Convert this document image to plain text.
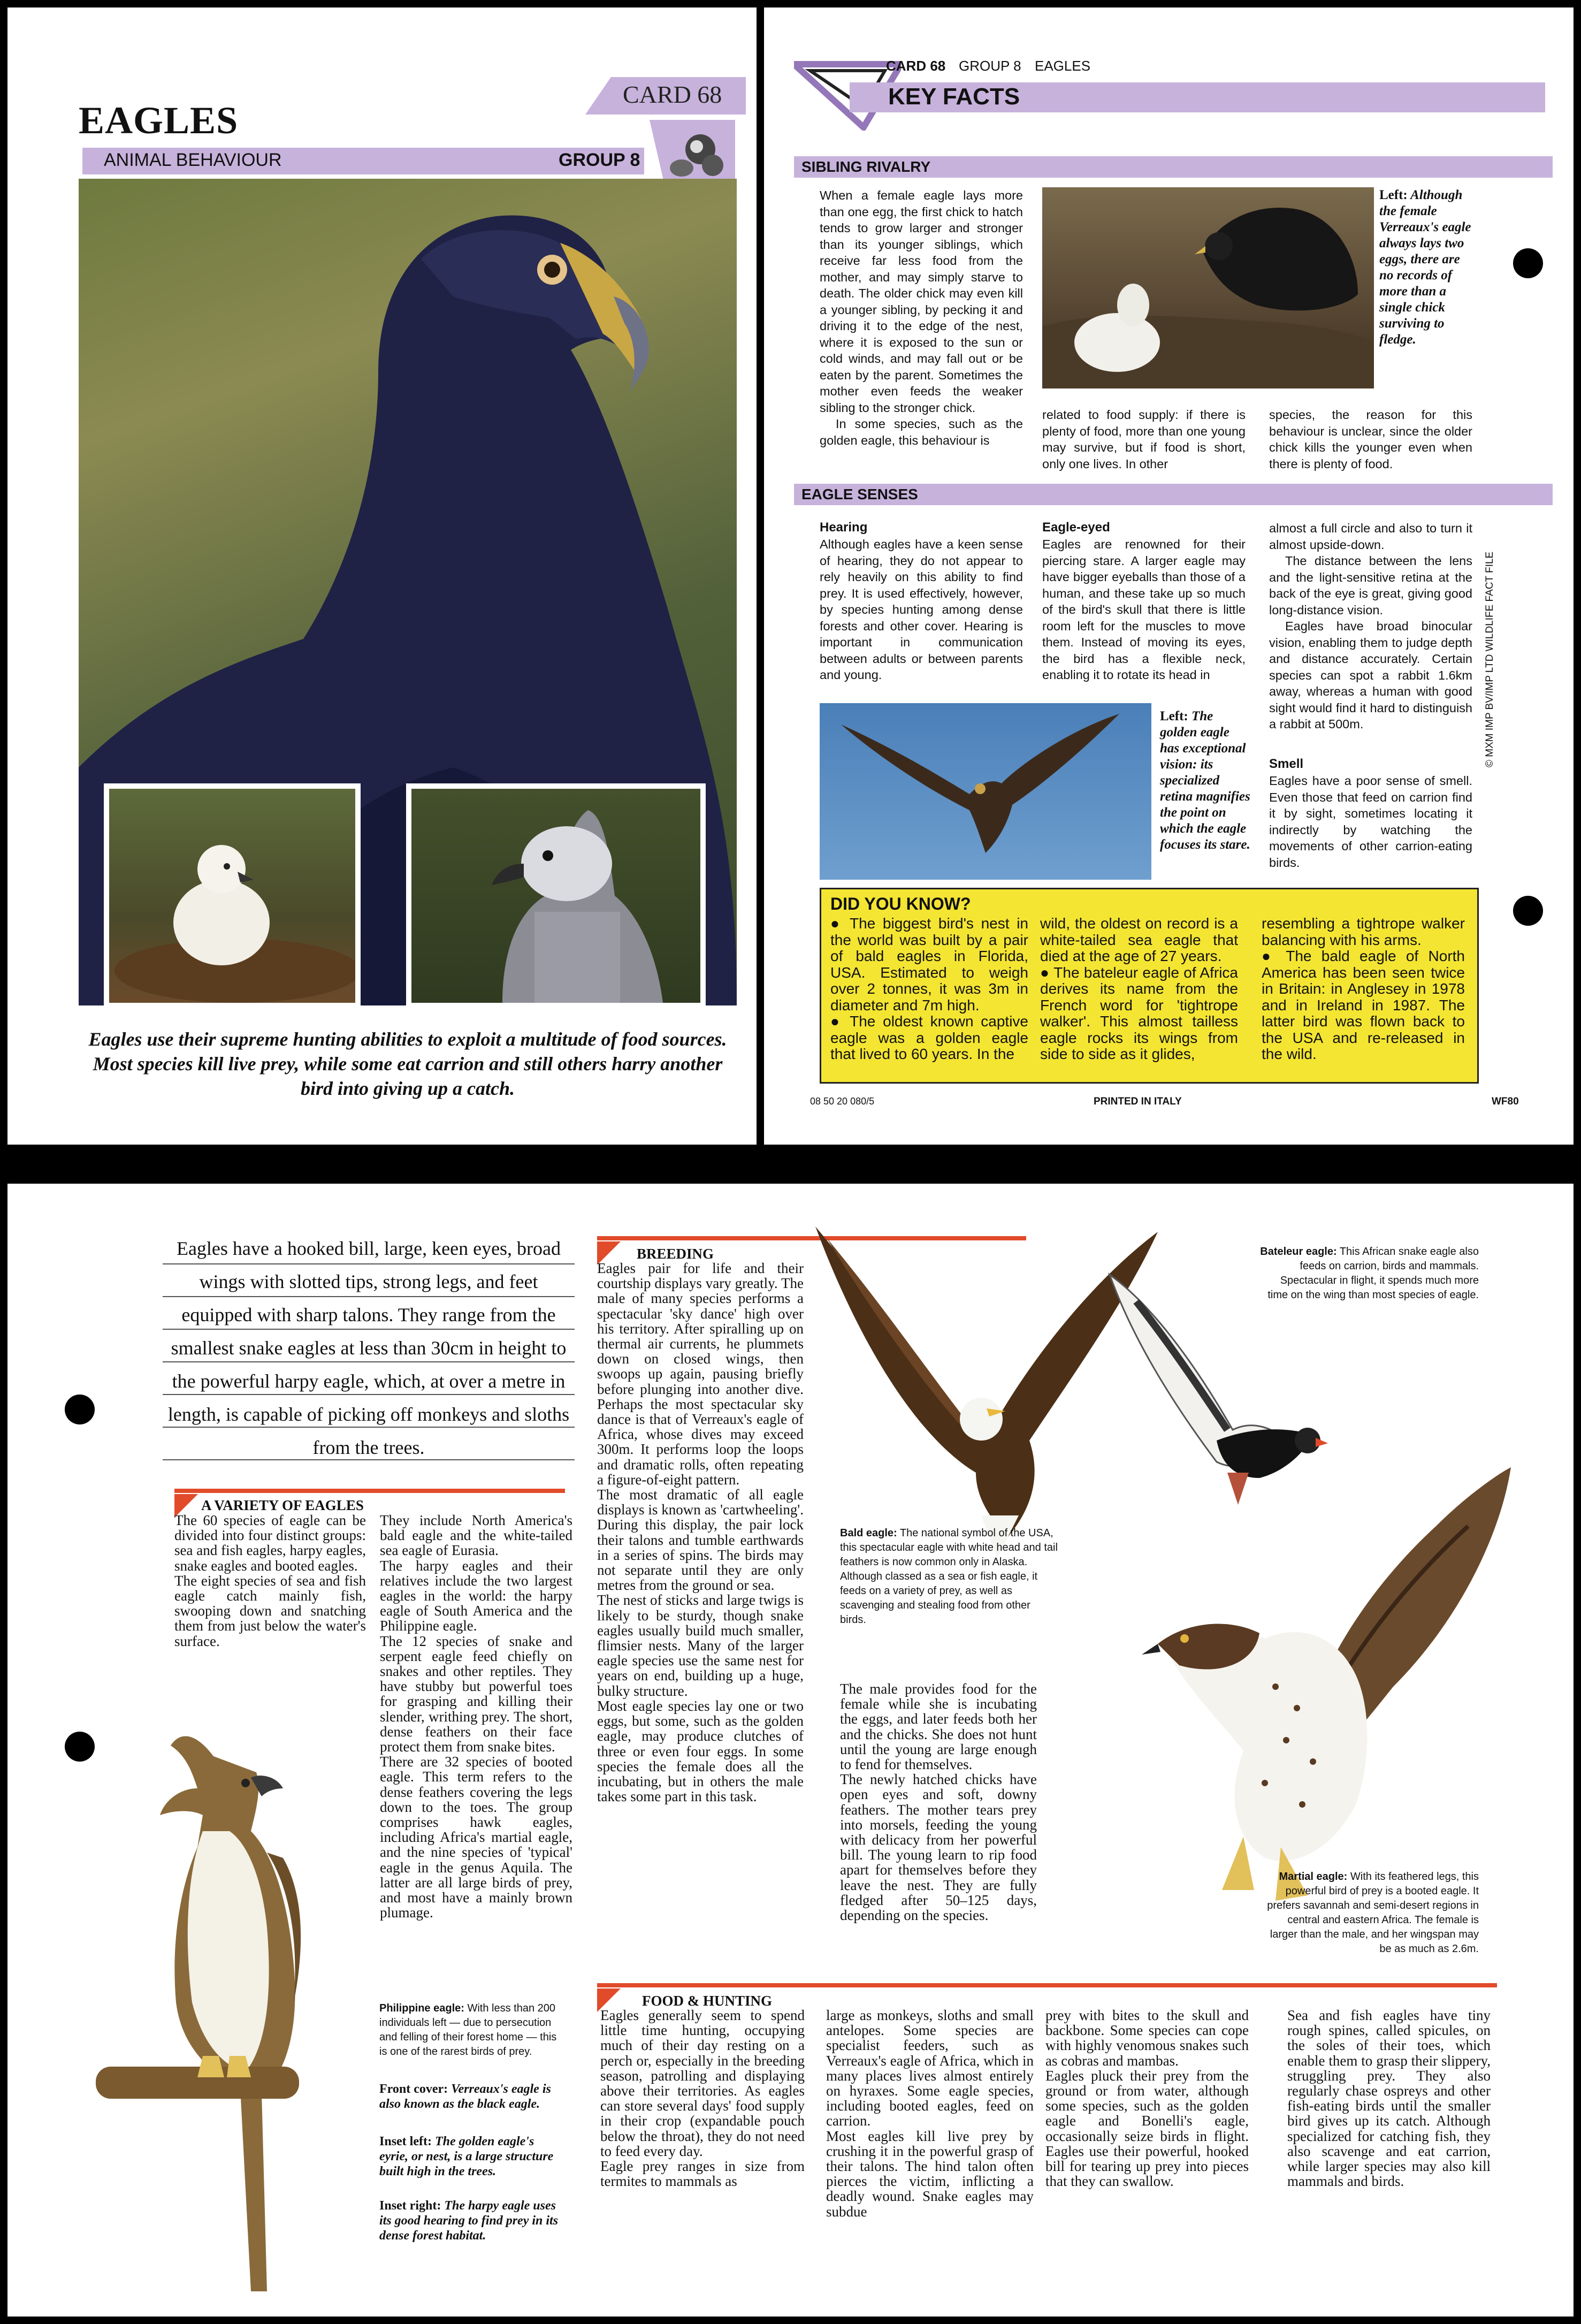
EAGLES
CARD 68
ANIMAL BEHAVIOUR	GROUP 8
Eagles use their supreme hunting abilities to exploit a multitude of food sources. Most species kill live prey, while some eat carrion and still others harry another bird into giving up a catch.
CARD 68 GROUP 8 EAGLES
KEY FACTS
SIBLING RIVALRY

When a female eagle lays more than one egg, the first chick to hatch tends to grow larger and stronger than its younger siblings, which receive far less food from the mother, and may simply starve to death. The older chick may even kill a younger sibling, by pecking it and driving it to the edge of the nest, where it is exposed to the sun or cold winds, and may fall out or be eaten by the parent. Sometimes the mother even feeds the weaker sibling to the stronger chick.

In some species, such as the golden eagle, this behaviour is

Left: Although the female Verreaux's eagle always lays two eggs, there are no records of more than a single chick surviving to fledge.
related to food supply: if there is plenty of food, more than one young may survive, but if food is short, only one lives. In other
species, the reason for this behaviour is unclear, since the older chick kills the younger even when there is plenty of food.
EAGLE SENSES
Hearing
Although eagles have a keen sense of hearing, they do not appear to rely heavily on this ability to find prey. It is used effectively, however, by species hunting among dense forests and other cover. Hearing is important in communication between adults or between parents and young.
Eagle-eyed
Eagles are renowned for their piercing stare. A larger eagle may have bigger eyeballs than those of a human, and these take up so much of the bird's skull that there is little room left for the muscles to move them. Instead of moving its eyes, the bird has a flexible neck, enabling it to rotate its head in

almost a full circle and also to turn it almost upside-down.

The distance between the lens and the light-sensitive retina at the back of the eye is great, giving good long-distance vision.

Eagles have broad binocular vision, enabling them to judge depth and distance accurately. Certain species can spot a rabbit 1.6km away, whereas a human with good sight would find it hard to distinguish a rabbit at 500m.

Smell
Eagles have a poor sense of smell. Even those that feed on carrion find it by sight, sometimes locating it indirectly by watching the movements of other carrion-eating birds.
Left: The golden eagle has exceptional vision: its specialized retina magnifies the point on which the eagle focuses its stare.
DID YOU KNOW?
● The biggest bird's nest in the world was built by a pair of bald eagles in Florida, USA. Estimated to weigh over 2 tonnes, it was 3m in diameter and 7m high.
● The oldest known captive eagle was a golden eagle that lived to 60 years. In the
wild, the oldest on record is a white-tailed sea eagle that died at the age of 27 years.
● The bateleur eagle of Africa derives its name from the French word for 'tightrope walker'. This almost tailless eagle rocks its wings from side to side as it glides,
resembling a tightrope walker balancing with his arms.
● The bald eagle of North America has been seen twice in Britain: in Anglesey in 1978 and in Ireland in 1987. The latter bird was flown back to the USA and re-released in the wild.
08 50 20 080/5	PRINTED IN ITALY	WF80
© MXM IMP BV/IMP LTD WILDLIFE FACT FILE
Eagles have a hooked bill, large, keen eyes, broad wings with slotted tips, strong legs, and feet equipped with sharp talons. They range from the smallest snake eagles at less than 30cm in height to the powerful harpy eagle, which, at over a metre in length, is capable of picking off monkeys and sloths from the trees.
A VARIETY OF EAGLES
The 60 species of eagle can be divided into four distinct groups: sea and fish eagles, harpy eagles, snake eagles and booted eagles.
The eight species of sea and fish eagle catch mainly fish, swooping down and snatching them from just below the water's surface.
They include North America's bald eagle and the white-tailed sea eagle of Eurasia.
The harpy eagles and their relatives include the two largest eagles in the world: the harpy eagle of South America and the Philippine eagle.
The 12 species of snake and serpent eagle feed chiefly on snakes and other reptiles. They have stubby but powerful toes for grasping and killing their slender, writhing prey. The short, dense feathers on their face protect them from snake bites.
There are 32 species of booted eagle. This term refers to the dense feathers covering the legs down to the toes. The group comprises hawk eagles, including Africa's martial eagle, and the nine species of 'typical' eagle in the genus Aquila. The latter are all large birds of prey, and most have a mainly brown plumage.
Philippine eagle: With less than 200 individuals left — due to persecution and felling of their forest home — this is one of the rarest birds of prey.
Front cover: Verreaux's eagle is also known as the black eagle.
Inset left: The golden eagle's eyrie, or nest, is a large structure built high in the trees.
Inset right: The harpy eagle uses its good hearing to find prey in its dense forest habitat.
BREEDING
Eagles pair for life and their courtship displays vary greatly. The male of many species performs a spectacular 'sky dance' high over his territory. After spiralling up on thermal air currents, he plummets down on closed wings, then swoops up again, pausing briefly before plunging into another dive. Perhaps the most spectacular sky dance is that of Verreaux's eagle of Africa, whose dives may exceed 300m. It performs loop the loops and dramatic rolls, often repeating a figure-of-eight pattern.
The most dramatic of all eagle displays is known as 'cartwheeling'. During this display, the pair lock their talons and tumble earthwards in a series of spins. The birds may not separate until they are only metres from the ground or sea.
The nest of sticks and large twigs is likely to be sturdy, though snake eagles usually build much smaller, flimsier nests. Many of the larger eagle species use the same nest for years on end, building up a huge, bulky structure.
Most eagle species lay one or two eggs, but some, such as the golden eagle, may produce clutches of three or even four eggs. In some species the female does all the incubating, but in others the male takes some part in this task.
The male provides food for the female while she is incubating the eggs, and later feeds both her and the chicks. She does not hunt until the young are large enough to fend for themselves.
The newly hatched chicks have open eyes and soft, downy feathers. The mother tears prey into morsels, feeding the young with delicacy from her powerful bill. The young learn to rip food apart for themselves before they leave the nest. They are fully fledged after 50–125 days, depending on the species.
Bald eagle: The national symbol of the USA, this spectacular eagle with white head and tail feathers is now common only in Alaska. Although classed as a sea or fish eagle, it feeds on a variety of prey, as well as scavenging and stealing food from other birds.
Bateleur eagle: This African snake eagle also feeds on carrion, birds and mammals. Spectacular in flight, it spends much more time on the wing than most species of eagle.
Martial eagle: With its feathered legs, this powerful bird of prey is a booted eagle. It prefers savannah and semi-desert regions in central and eastern Africa. The female is larger than the male, and her wingspan may be as much as 2.6m.
FOOD & HUNTING
Eagles generally seem to spend little time hunting, occupying much of their day resting on a perch or, especially in the breeding season, patrolling and displaying above their territories. As eagles can store several days' food supply in their crop (expandable pouch below the throat), they do not need to feed every day.
Eagle prey ranges in size from termites to mammals as
large as monkeys, sloths and small antelopes. Some species are specialist feeders, such as Verreaux's eagle of Africa, which in many places lives almost entirely on hyraxes. Some eagle species, including booted eagles, feed on carrion.
Most eagles kill live prey by crushing it in the powerful grasp of their talons. The hind talon often pierces the victim, inflicting a deadly wound. Snake eagles may subdue
prey with bites to the skull and backbone. Some species can cope with highly venomous snakes such as cobras and mambas.
Eagles pluck their prey from the ground or from water, although some species, such as the golden eagle and Bonelli's eagle, occasionally seize birds in flight. Eagles use their powerful, hooked bill for tearing up prey into pieces that they can swallow.
Sea and fish eagles have tiny rough spines, called spicules, on the soles of their toes, which enable them to grasp their slippery, struggling prey. They also regularly chase ospreys and other fish-eating birds until the smaller bird gives up its catch. Although specialized for catching fish, they also scavenge and eat carrion, while larger species may also kill mammals and birds.
